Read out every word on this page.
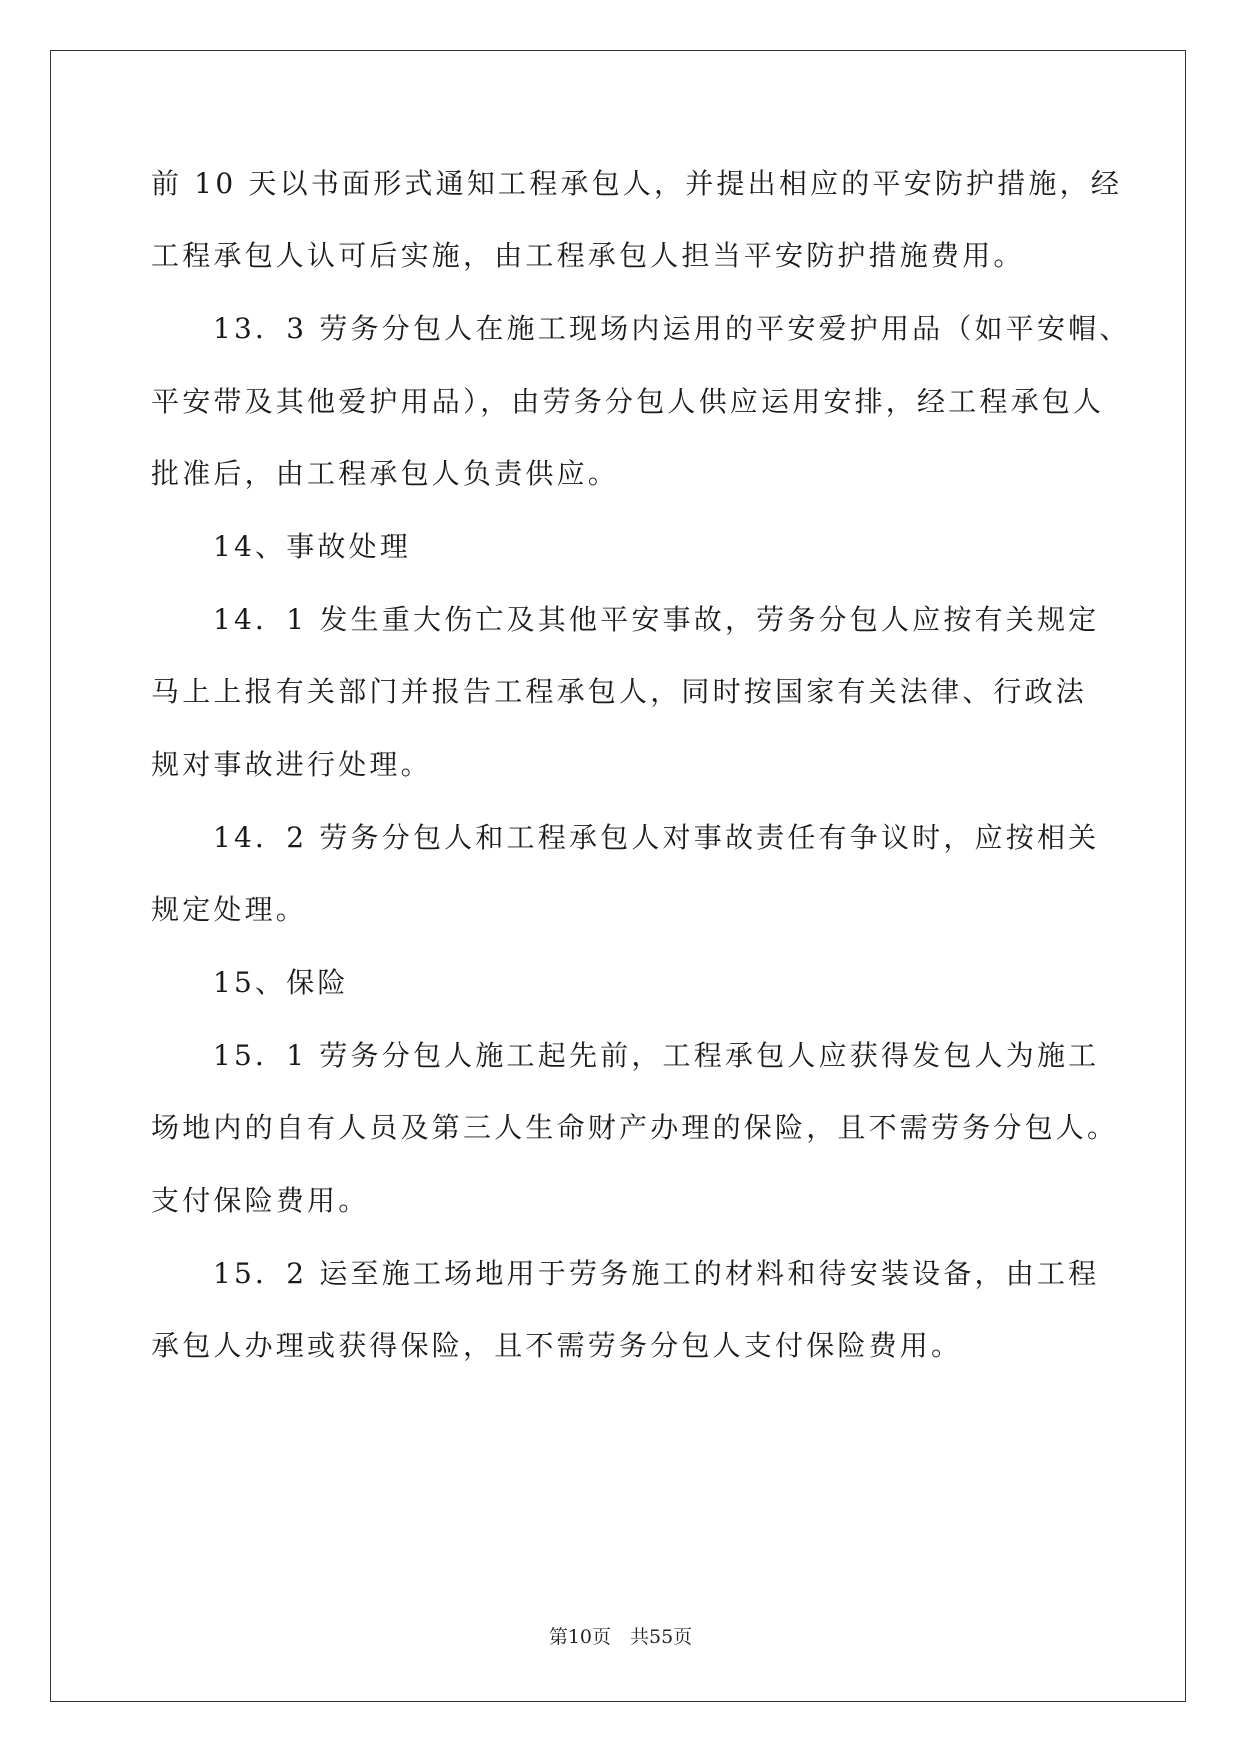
前 10 天以书面形式通知工程承包人，并提出相应的平安防护措施，经
工程承包人认可后实施，由工程承包人担当平安防护措施费用。
13．3 劳务分包人在施工现场内运用的平安爱护用品（如平安帽、
平安带及其他爱护用品），由劳务分包人供应运用安排，经工程承包人
批准后，由工程承包人负责供应。
14、事故处理
14．1 发生重大伤亡及其他平安事故，劳务分包人应按有关规定
马上上报有关部门并报告工程承包人，同时按国家有关法律、行政法
规对事故进行处理。
14．2 劳务分包人和工程承包人对事故责任有争议时，应按相关
规定处理。
15、保险
15．1 劳务分包人施工起先前，工程承包人应获得发包人为施工
场地内的自有人员及第三人生命财产办理的保险，且不需劳务分包人。
支付保险费用。
15．2 运至施工场地用于劳务施工的材料和待安装设备，由工程
承包人办理或获得保险，且不需劳务分包人支付保险费用。
第10页　共55页
